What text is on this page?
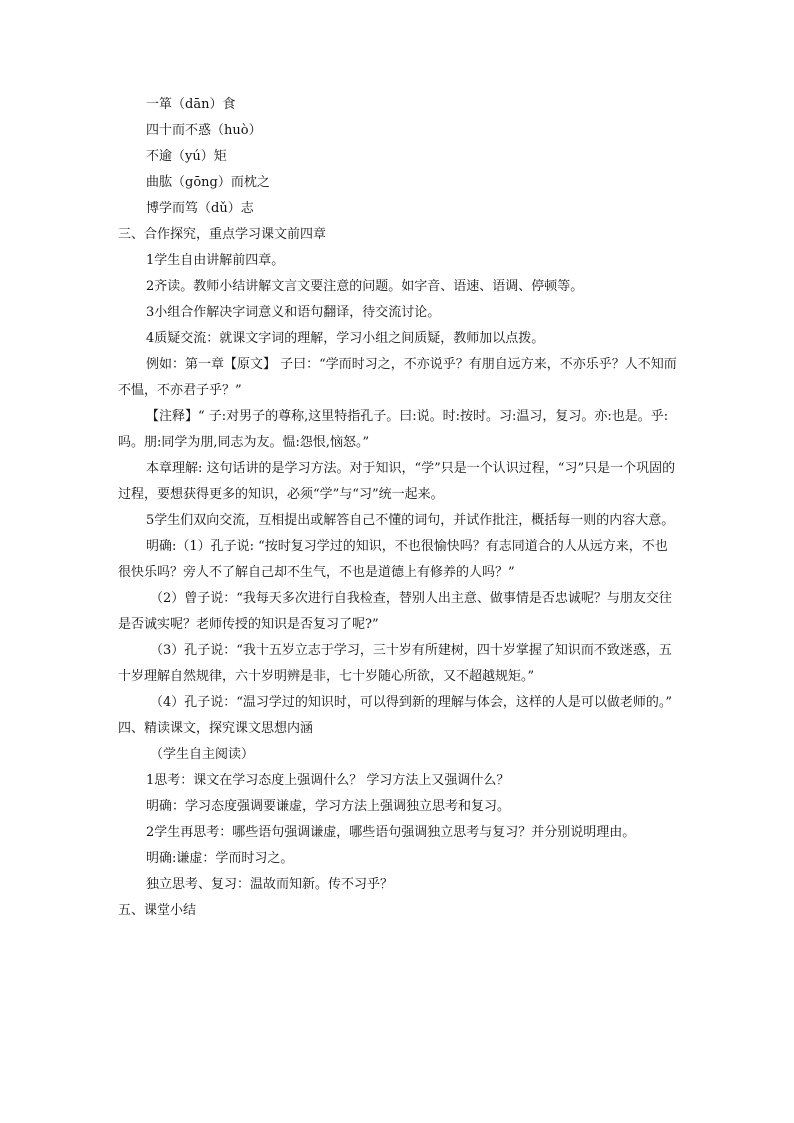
一箪（dān）食
四十而不惑（huò）
不逾（yú）矩
曲肱（gōng）而枕之
博学而笃（dǔ）志
三、合作探究，重点学习课文前四章
1学生自由讲解前四章。
2齐读。教师小结讲解文言文要注意的问题。如字音、语速、语调、停顿等。
3小组合作解决字词意义和语句翻译，待交流讨论。
4质疑交流：就课文字词的理解，学习小组之间质疑，教师加以点拨。
例如：第一章【原文】 子曰：“学而时习之，不亦说乎？有朋自远方来，不亦乐乎？人不知而不愠，不亦君子乎？”
【注释】“ 子:对男子的尊称,这里特指孔子。曰:说。时:按时。习:温习，复习。亦:也是。乎:吗。朋:同学为朋,同志为友。愠:怨恨,恼怒。”
本章理解: 这句话讲的是学习方法。对于知识，“学”只是一个认识过程，“习”只是一个巩固的过程，要想获得更多的知识，必须“学”与“习”统一起来。
5学生们双向交流，互相提出或解答自己不懂的词句，并试作批注，概括每一则的内容大意。
明确:（1）孔子说: “按时复习学过的知识，不也很愉快吗？有志同道合的人从远方来，不也很快乐吗？旁人不了解自己却不生气，不也是道德上有修养的人吗？”
（2）曾子说：“我每天多次进行自我检查，替别人出主意、做事情是否忠诚呢？与朋友交往是否诚实呢？老师传授的知识是否复习了呢?”
（3）孔子说：“我十五岁立志于学习，三十岁有所建树，四十岁掌握了知识而不致迷惑，五十岁理解自然规律，六十岁明辨是非，七十岁随心所欲，又不超越规矩。”
（4）孔子说：“温习学过的知识时，可以得到新的理解与体会，这样的人是可以做老师的。”
四、精读课文，探究课文思想内涵
（学生自主阅读）
1思考：课文在学习态度上强调什么？ 学习方法上又强调什么？
明确：学习态度强调要谦虚，学习方法上强调独立思考和复习。
2学生再思考：哪些语句强调谦虚，哪些语句强调独立思考与复习？并分别说明理由。
明确:谦虚：学而时习之。
独立思考、复习：温故而知新。传不习乎？
五、课堂小结
